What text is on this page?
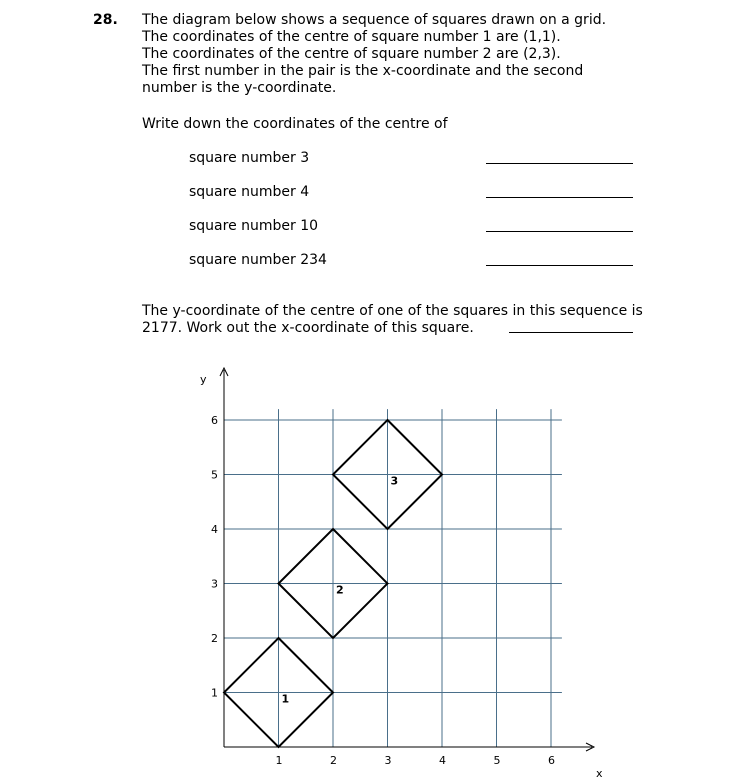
28. The diagram below shows a sequence of squares drawn on a grid.
The coordinates of the centre of square number 1 are (1,1).
The coordinates of the centre of square number 2 are (2,3).
The first number in the pair is the x-coordinate and the second
number is the y-coordinate.
Write down the coordinates of the centre of
square number 3
square number 4
square number 10
square number 234
The y-coordinate of the centre of one of the squares in this sequence is
2177. Work out the x-coordinate of this square.
y
x
1	2	3	4	5	6
1
2
3
4
5
6
1
2
3
